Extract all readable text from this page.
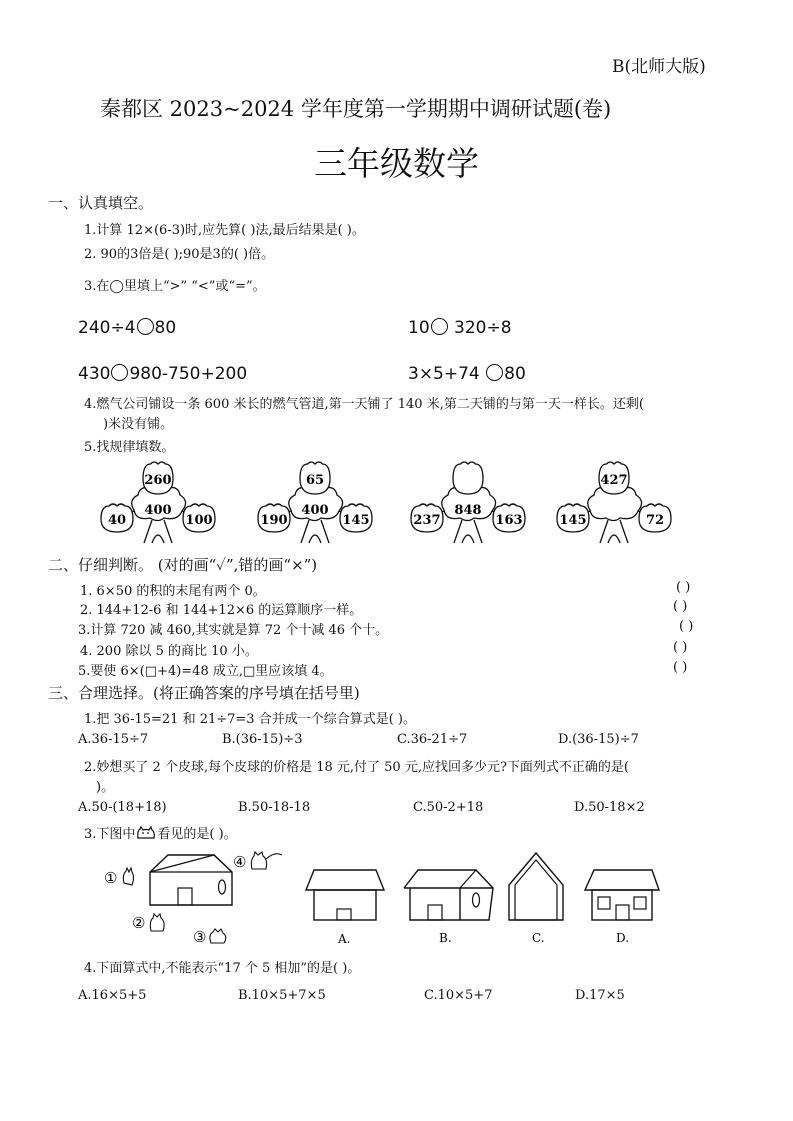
B(北师大版)
秦都区 2023~2024 学年度第一学期期中调研试题(卷)
三年级数学
一、认真填空。
1.计算 12×(6-3)时,应先算( )法,最后结果是( )。
2. 90的3倍是( );90是3的( )倍。
3.在◯里填上“>” “<”或“=”。
240÷4 80	10 320÷8
430 980-750+200	3×5+74 80
4.燃气公司铺设一条 600 米长的燃气管道,第一天铺了 140 米,第二天铺的与第一天一样长。还剩(
)米没有铺。
5.找规律填数。
260
400
40	100
65
400
190	145
848
237	163
427
145	72
二、仔细判断。 (对的画“✓”,错的画“×”)
1. 6×50 的积的末尾有两个 0。	( )
2. 144+12-6 和 144+12×6 的运算顺序一样。	( )
3.计算 720 减 460,其实就是算 72 个十减 46 个十。	( )
4. 200 除以 5 的商比 10 小。	( )
5.要使 6×(□+4)=48 成立,□里应该填 4。	( )
三、合理选择。(将正确答案的序号填在括号里)
1.把 36-15=21 和 21÷7=3 合并成一个综合算式是( )。
A.36-15÷7	B.(36-15)÷3	C.36-21÷7	D.(36-15)÷7
2.妙想买了 2 个皮球,每个皮球的价格是 18 元,付了 50 元,应找回多少元?下面列式不正确的是(
)。
A.50-(18+18)	B.50-18-18	C.50-2+18	D.50-18×2
3.下图中 看见的是( )。
①
②
③
④
A.	B.	C.	D.
4.下面算式中,不能表示“17 个 5 相加”的是( )。
A.16×5+5	B.10×5+7×5	C.10×5+7	D.17×5
